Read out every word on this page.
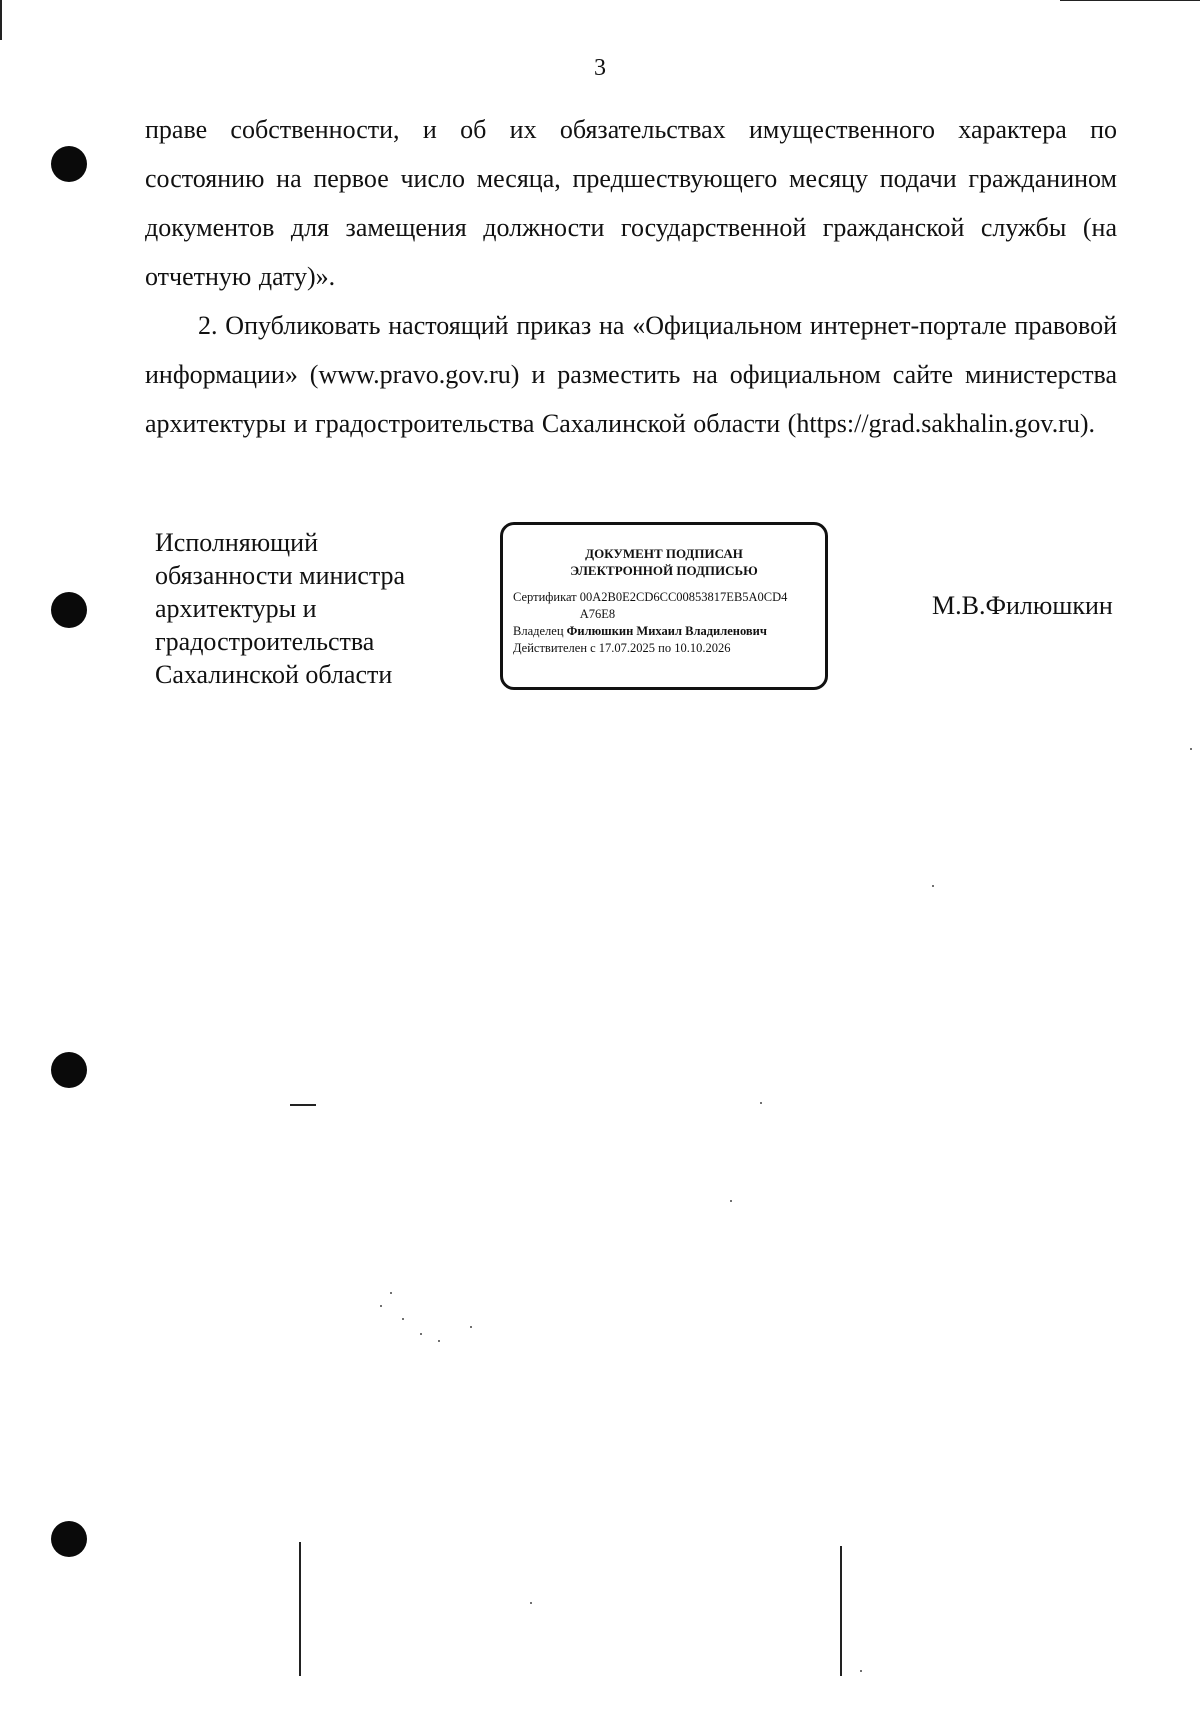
3

праве собственности, и об их обязательствах имущественного характера по состоянию на первое число месяца, предшествующего месяцу подачи гражданином документов для замещения должности государственной гражданской службы (на отчетную дату)».

2. Опубликовать настоящий приказ на «Официальном интернет-портале правовой информации» (www.pravo.gov.ru) и разместить на официальном сайте министерства архитектуры и градостроительства Сахалинской области (https://grad.sakhalin.gov.ru).

Исполняющий
обязанности министра
архитектуры и
градостроительства
Сахалинской области
ДОКУМЕНТ ПОДПИСАН
ЭЛЕКТРОННОЙ ПОДПИСЬЮ
Сертификат 00A2B0E2CD6CC00853817EB5A0CD4A76E8
Владелец Филюшкин Михаил Владиленович
Действителен с 17.07.2025 по 10.10.2026
М.В.Филюшкин
